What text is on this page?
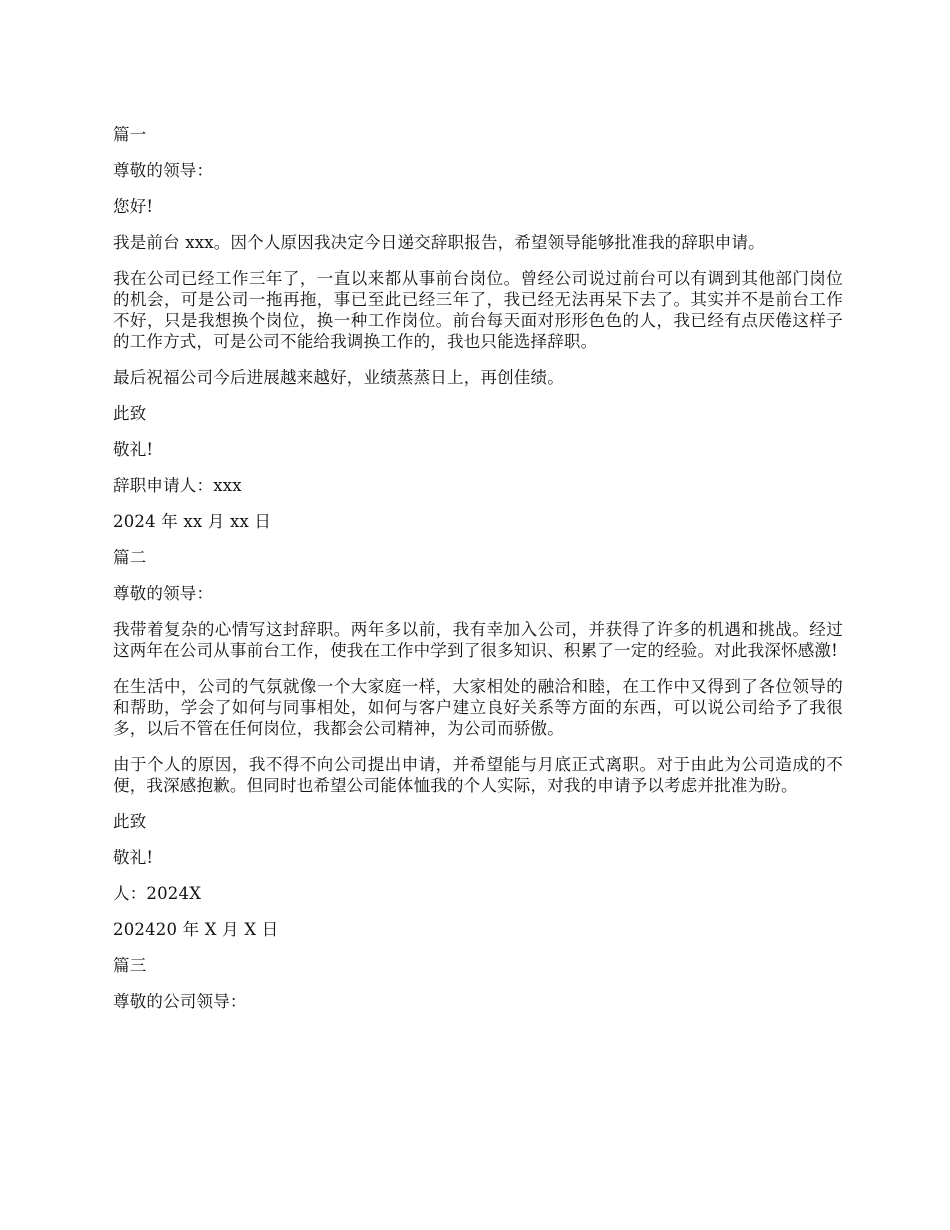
篇一

尊敬的领导：

您好!

我是前台 xxx。因个人原因我决定今日递交辞职报告，希望领导能够批准我的辞职申请。

我在公司已经工作三年了，一直以来都从事前台岗位。曾经公司说过前台可以有调到其他部门岗位的机会，可是公司一拖再拖，事已至此已经三年了，我已经无法再呆下去了。其实并不是前台工作不好，只是我想换个岗位，换一种工作岗位。前台每天面对形形色色的人，我已经有点厌倦这样子的工作方式，可是公司不能给我调换工作的，我也只能选择辞职。

最后祝福公司今后进展越来越好，业绩蒸蒸日上，再创佳绩。

此致

敬礼!

辞职申请人：xxx

2024 年 xx 月 xx 日

篇二

尊敬的领导：

我带着复杂的心情写这封辞职。两年多以前，我有幸加入公司，并获得了许多的机遇和挑战。经过这两年在公司从事前台工作，使我在工作中学到了很多知识、积累了一定的经验。对此我深怀感激!

在生活中，公司的气氛就像一个大家庭一样，大家相处的融洽和睦，在工作中又得到了各位领导的和帮助，学会了如何与同事相处，如何与客户建立良好关系等方面的东西，可以说公司给予了我很多，以后不管在任何岗位，我都会公司精神，为公司而骄傲。

由于个人的原因，我不得不向公司提出申请，并希望能与月底正式离职。对于由此为公司造成的不便，我深感抱歉。但同时也希望公司能体恤我的个人实际，对我的申请予以考虑并批准为盼。

此致

敬礼!

人：2024X

202420 年 X 月 X 日

篇三

尊敬的公司领导：
